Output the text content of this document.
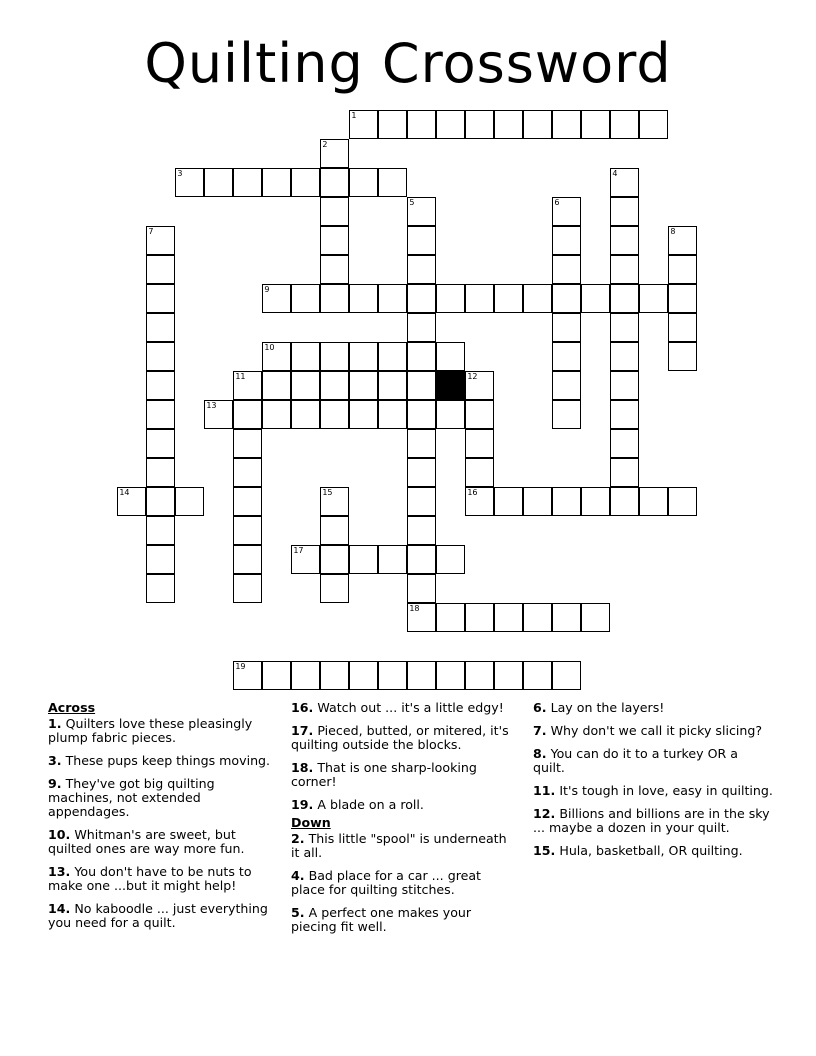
Quilting Crossword
1
2
3	4
5
18
6
7	8
9
10
11	12
16
13
14	15
17
19
Across
1. Quilters love these pleasingly plump fabric pieces.
3. These pups keep things moving.
9. They've got big quilting machines, not extended appendages.
10. Whitman's are sweet, but quilted ones are way more fun.
13. You don't have to be nuts to make one ...but it might help!
14. No kaboodle ... just everything you need for a quilt.
16. Watch out ... it's a little edgy!
17. Pieced, butted, or mitered, it's quilting outside the blocks.
18. That is one sharp-looking corner!
19. A blade on a roll.
Down
2. This little "spool" is underneath it all.
4. Bad place for a car ... great place for quilting stitches.
5. A perfect one makes your piecing fit well.
6. Lay on the layers!
7. Why don't we call it picky slicing?
8. You can do it to a turkey OR a quilt.
11. It's tough in love, easy in quilting.
12. Billions and billions are in the sky ... maybe a dozen in your quilt.
15. Hula, basketball, OR quilting.
